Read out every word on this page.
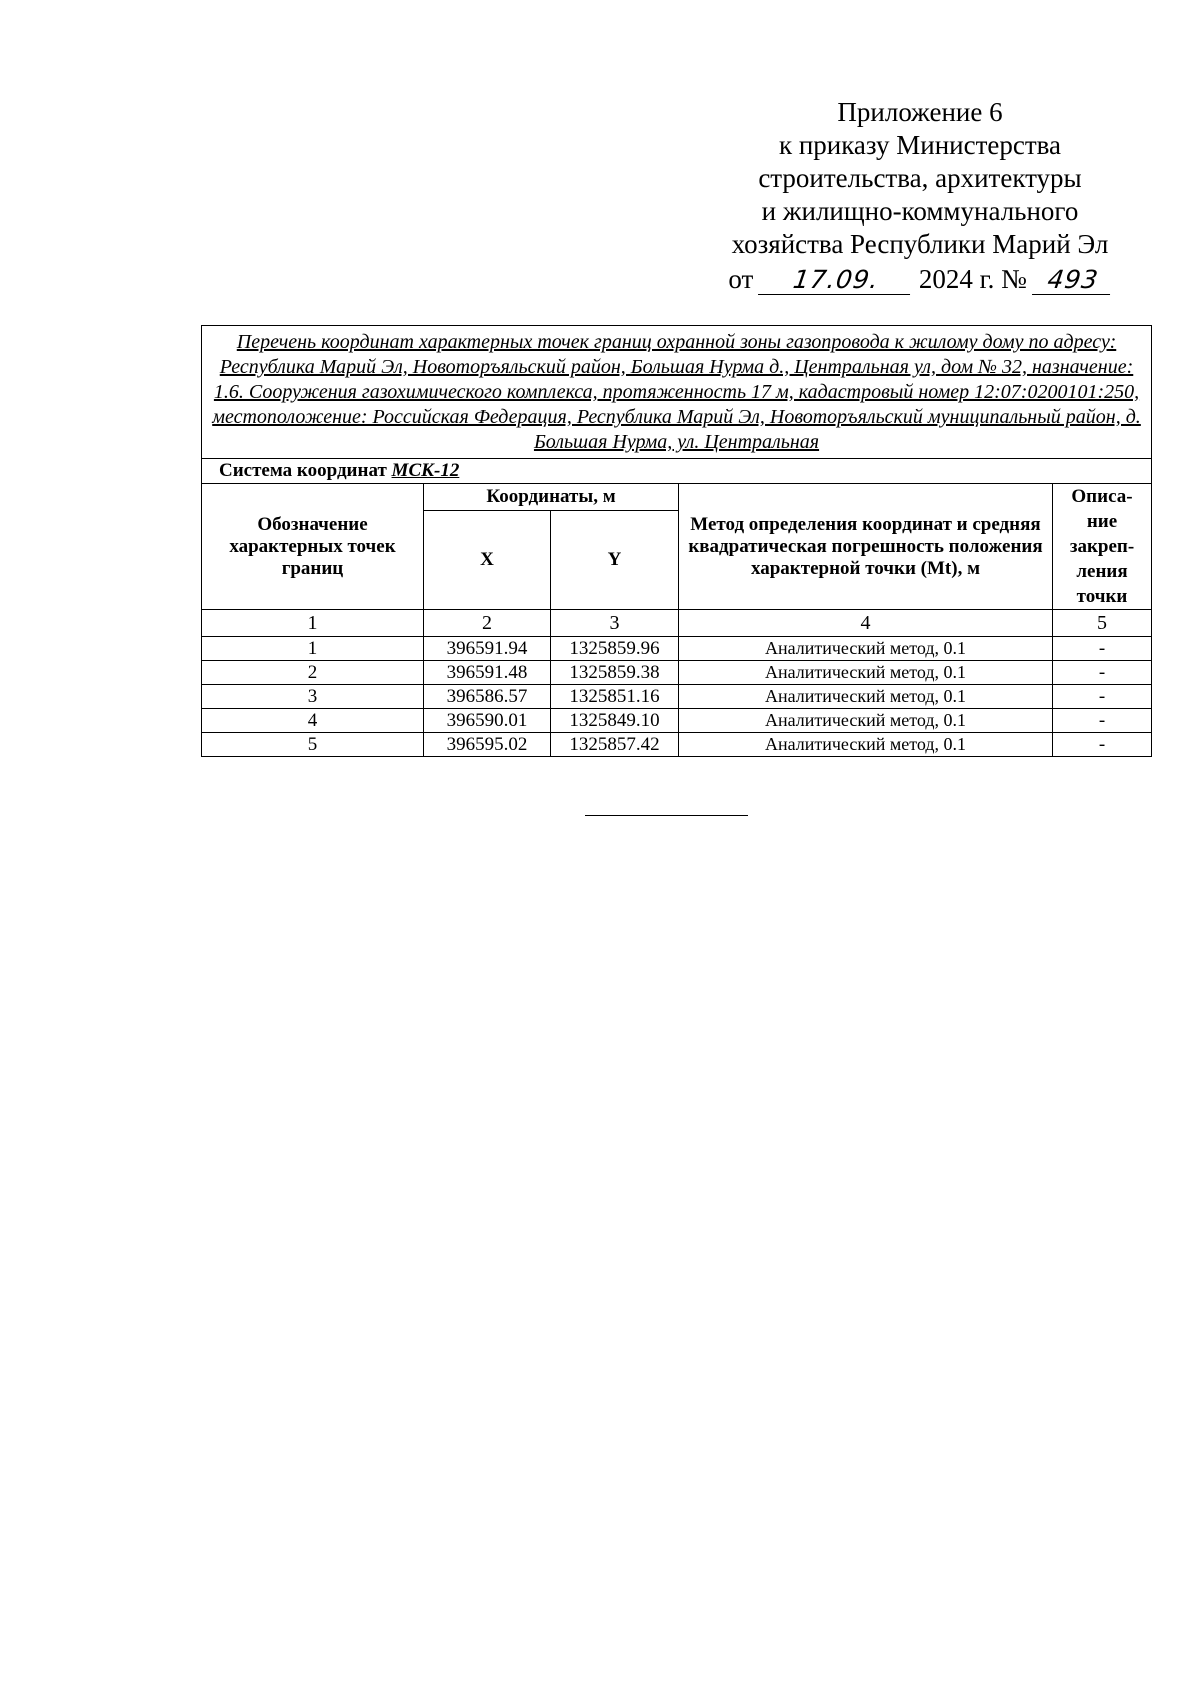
Приложение 6
к приказу Министерства
строительства, архитектуры
и жилищно-коммунального
хозяйства Республики Марий Эл
от 17.09. 2024 г. № 493
Перечень координат характерных точек границ охранной зоны газопровода к жилому дому по адресу: Республика Марий Эл, Новоторъяльский район, Большая Нурма д., Центральная ул, дом № 32, назначение: 1.6. Сооружения газохимического комплекса, протяженность 17 м, кадастровый номер 12:07:0200101:250, местоположение: Российская Федерация, Республика Марий Эл, Новоторъяльский муниципальный район, д. Большая Нурма, ул. Центральная				
Система координат МСК-12				
Обозначение характерных точек границ	Координаты, м		Метод определения координат и средняя квадратическая погрешность положения характерной точки (Mt), м	Описа-ние закреп-ления точки
	X	Y		
1	2	3	4	5
1	396591.94	1325859.96	Аналитический метод, 0.1	-
2	396591.48	1325859.38	Аналитический метод, 0.1	-
3	396586.57	1325851.16	Аналитический метод, 0.1	-
4	396590.01	1325849.10	Аналитический метод, 0.1	-
5	396595.02	1325857.42	Аналитический метод, 0.1	-
